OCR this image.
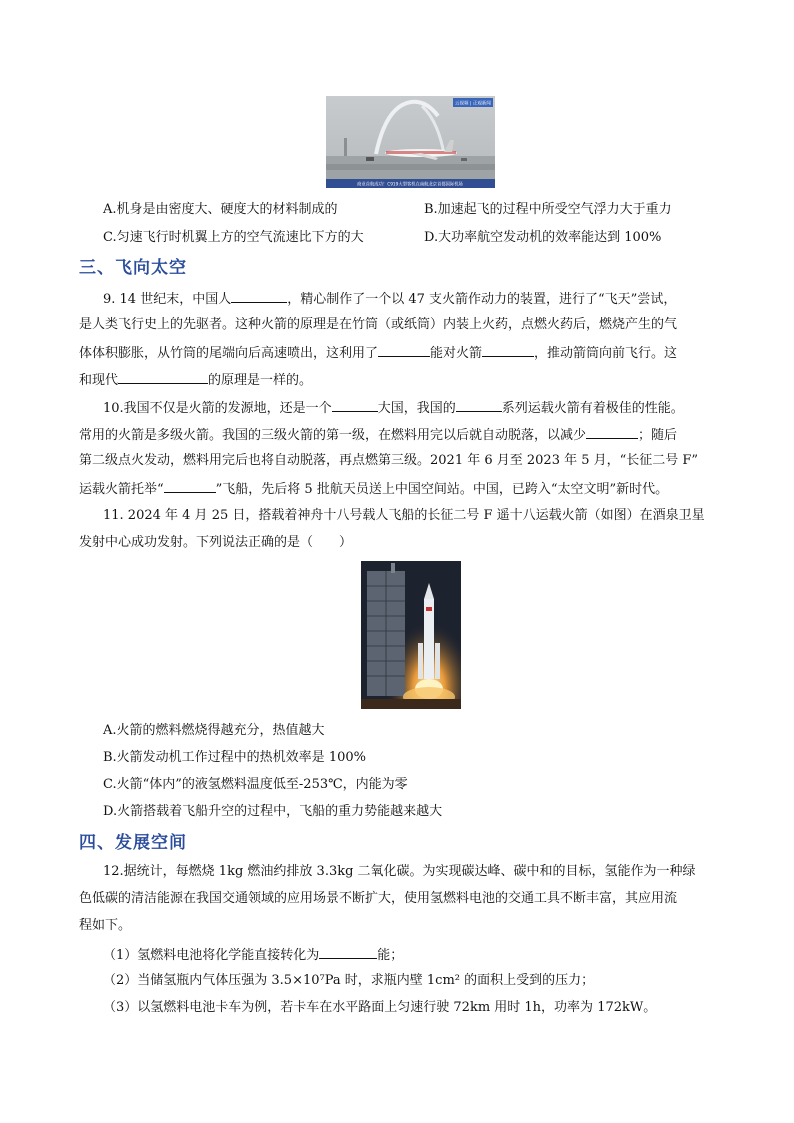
商业首航成功！C919大型客机在南航北京首都国际机场
云视频 | 正观新闻
A.机身是由密度大、硬度大的材料制成的	B.加速起飞的过程中所受空气浮力大于重力
C.匀速飞行时机翼上方的空气流速比下方的大	D.大功率航空发动机的效率能达到 100%
三、飞向太空
9. 14 世纪末，中国人	，精心制作了一个以 47 支火箭作动力的装置，进行了“飞天”尝试，
是人类飞行史上的先驱者。这种火箭的原理是在竹筒（或纸筒）内装上火药，点燃火药后，燃烧产生的气
体体积膨胀，从竹筒的尾端向后高速喷出，这利用了	能对火箭	，推动箭筒向前飞行。这
和现代	的原理是一样的。
10.我国不仅是火箭的发源地，还是一个	大国，我国的	系列运载火箭有着极佳的性能。
常用的火箭是多级火箭。我国的三级火箭的第一级，在燃料用完以后就自动脱落，以减少	；随后
第二级点火发动，燃料用完后也将自动脱落，再点燃第三级。2021 年 6 月至 2023 年 5 月，“长征二号 F”
运载火箭托举“	”飞船，先后将 5 批航天员送上中国空间站。中国，已跨入“太空文明”新时代。
11. 2024 年 4 月 25 日，搭载着神舟十八号载人飞船的长征二号 F 遥十八运载火箭（如图）在酒泉卫星
发射中心成功发射。下列说法正确的是（　　）
A.火箭的燃料燃烧得越充分，热值越大
B.火箭发动机工作过程中的热机效率是 100%
C.火箭“体内”的液氢燃料温度低至-253℃，内能为零
D.火箭搭载着飞船升空的过程中，飞船的重力势能越来越大
四、发展空间
12.据统计，每燃烧 1kg 燃油约排放 3.3kg 二氧化碳。为实现碳达峰、碳中和的目标，氢能作为一种绿
色低碳的清洁能源在我国交通领域的应用场景不断扩大，使用氢燃料电池的交通工具不断丰富，其应用流
程如下。
（1）氢燃料电池将化学能直接转化为	能；
（2）当储氢瓶内气体压强为 3.5×10⁷Pa 时，求瓶内壁 1cm² 的面积上受到的压力；
（3）以氢燃料电池卡车为例，若卡车在水平路面上匀速行驶 72km 用时 1h，功率为 172kW。
